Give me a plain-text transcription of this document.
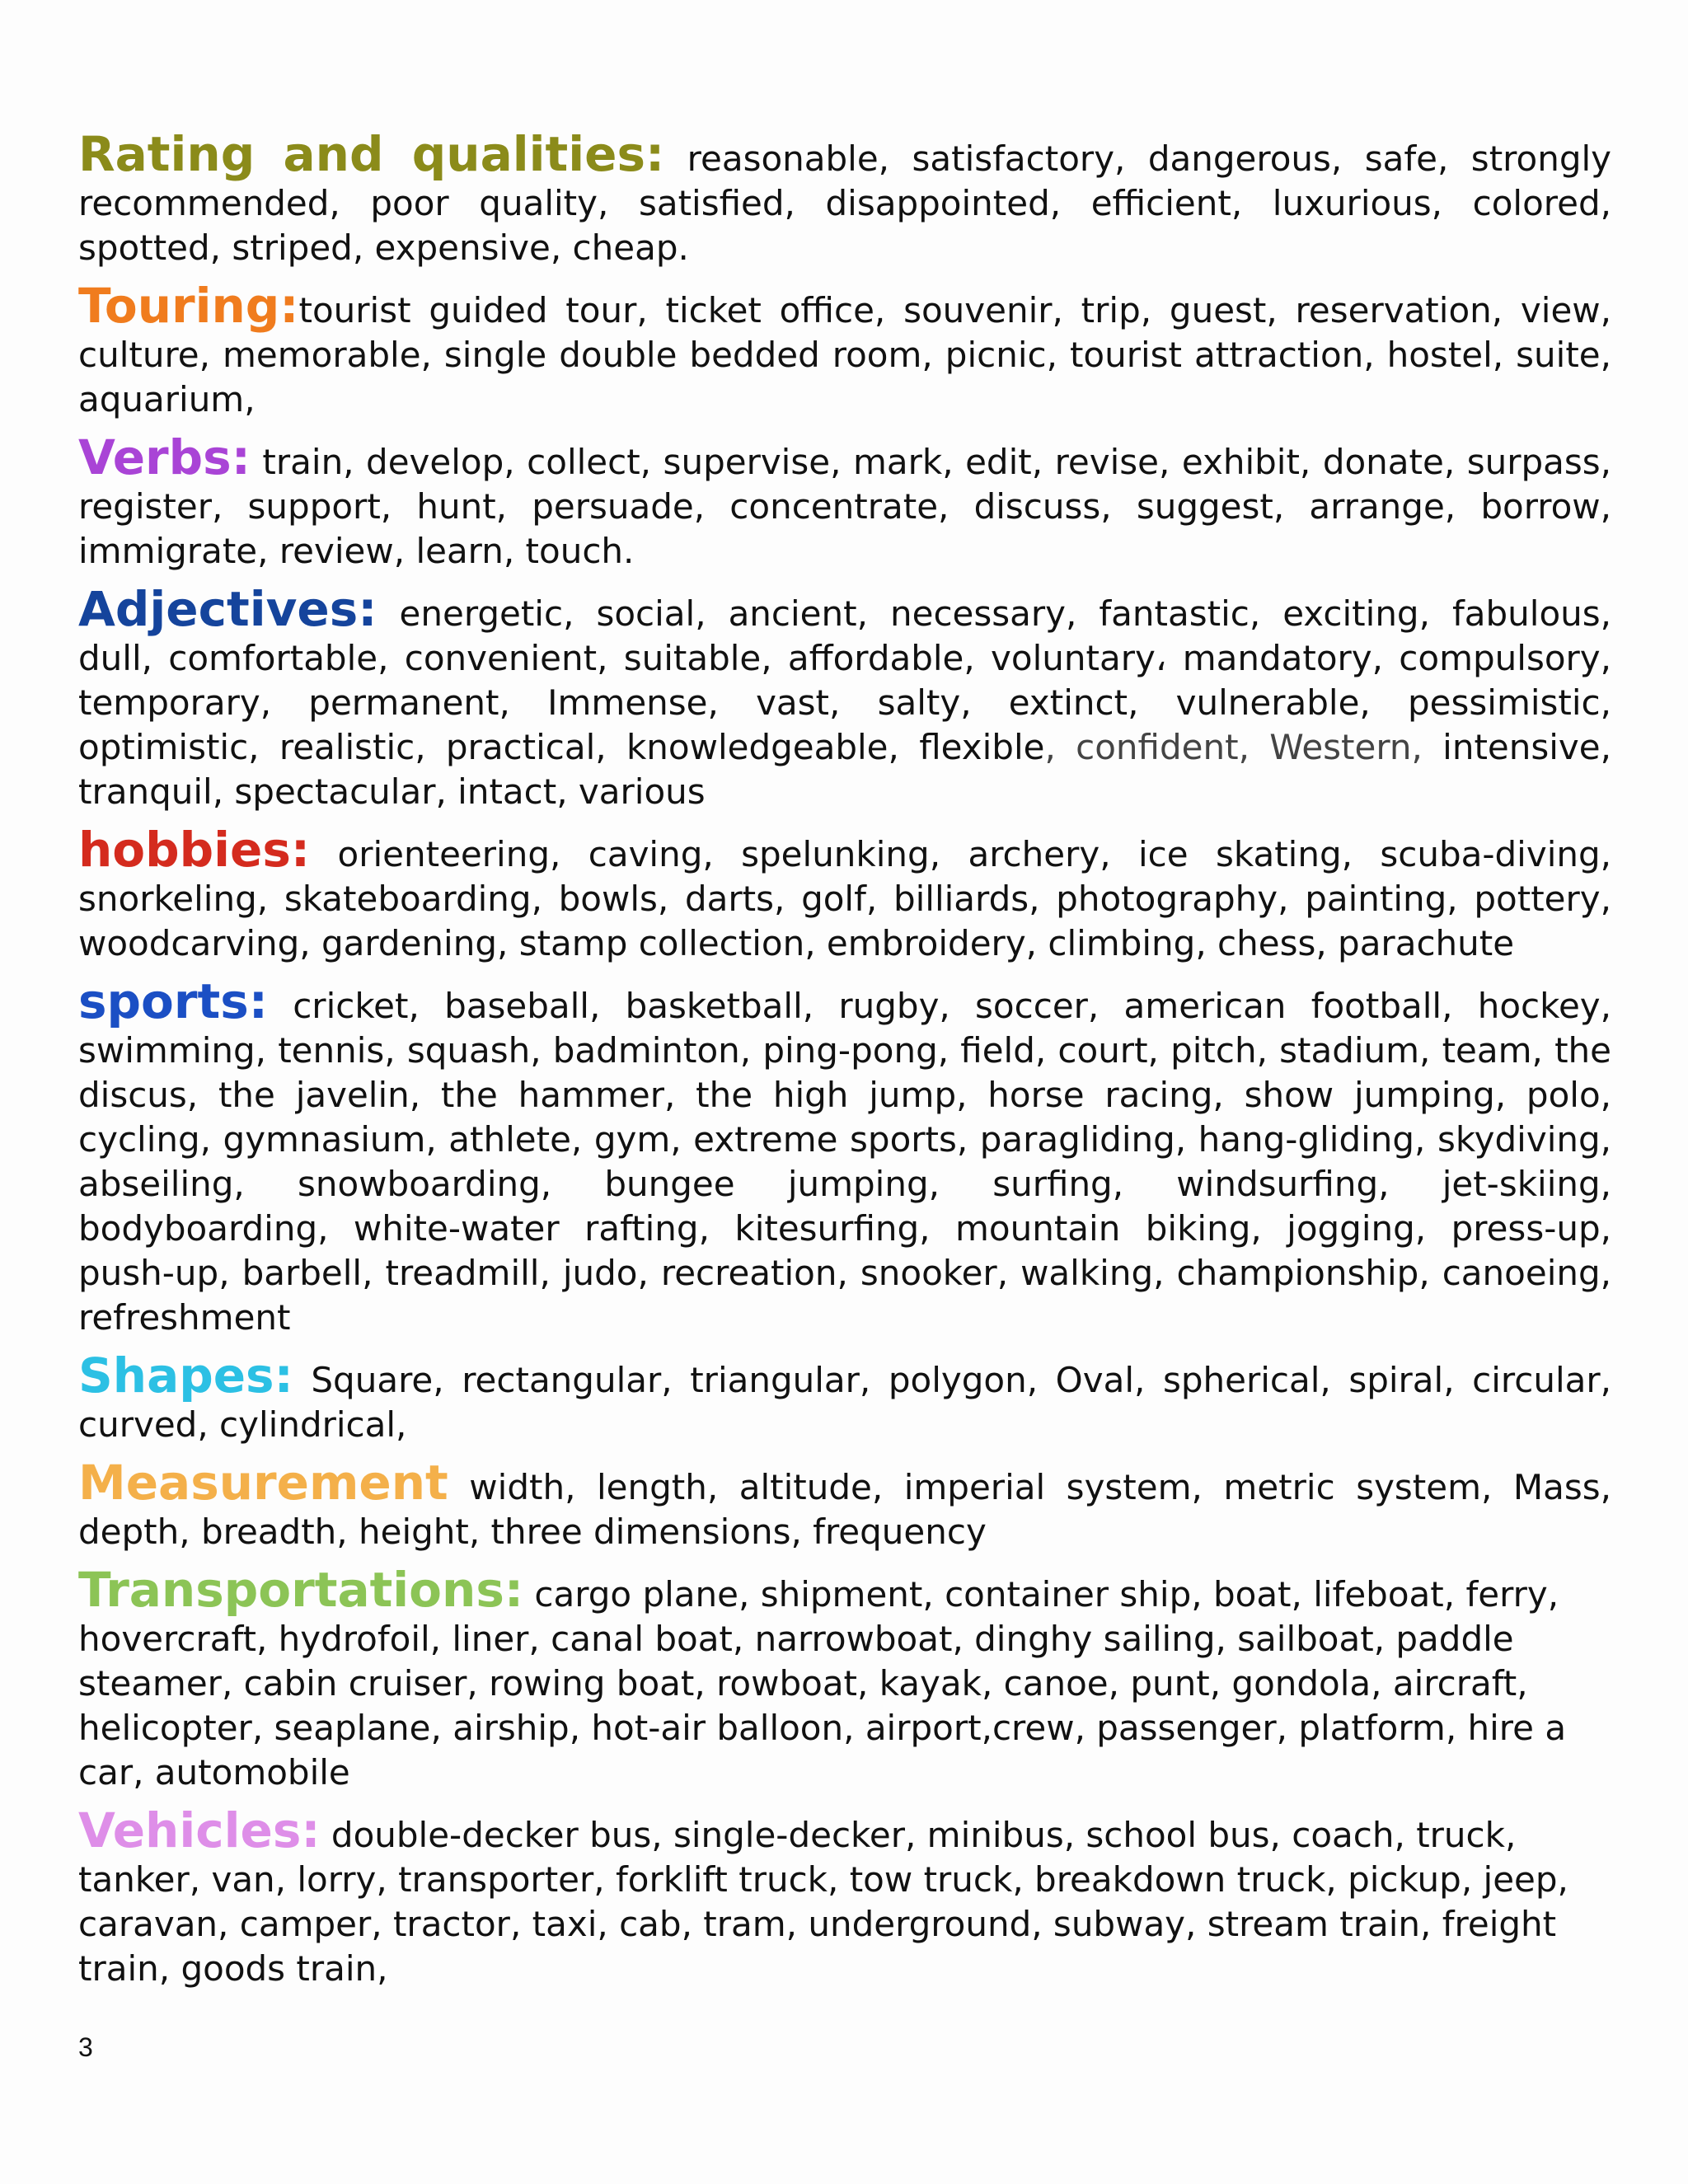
Rating and qualities: reasonable, satisfactory, dangerous, safe, strongly recommended, poor quality, satisfied, disappointed, efficient, luxurious, colored, spotted, striped, expensive, cheap.

Touring:tourist guided tour, ticket office, souvenir, trip, guest, reservation, view, culture, memorable, single double bedded room, picnic, tourist attraction, hostel, suite, aquarium,

Verbs: train, develop, collect, supervise, mark, edit, revise, exhibit, donate, surpass, register, support, hunt, persuade, concentrate, discuss, suggest, arrange, borrow, immigrate, review, learn, touch.

Adjectives: energetic, social, ancient, necessary, fantastic, exciting, fabulous, dull, comfortable, convenient, suitable, affordable, voluntary، mandatory, compulsory, temporary, permanent, Immense, vast, salty, extinct, vulnerable, pessimistic, optimistic, realistic, practical, knowledgeable, flexible, confident, Western, intensive, tranquil, spectacular, intact, various

hobbies: orienteering, caving, spelunking, archery, ice skating, scuba-diving, snorkeling, skateboarding, bowls, darts, golf, billiards, photography, painting, pottery, woodcarving, gardening, stamp collection, embroidery, climbing, chess, parachute

sports: cricket, baseball, basketball, rugby, soccer, american football, hockey, swimming, tennis, squash, badminton, ping-pong, field, court, pitch, stadium, team, the discus, the javelin, the hammer, the high jump, horse racing, show jumping, polo, cycling, gymnasium, athlete, gym, extreme sports, paragliding, hang-gliding, skydiving, abseiling, snowboarding, bungee jumping, surfing, windsurfing, jet-skiing, bodyboarding, white-water rafting, kitesurfing, mountain biking, jogging, press-up, push-up, barbell, treadmill, judo, recreation, snooker, walking, championship, canoeing, refreshment

Shapes: Square, rectangular, triangular, polygon, Oval, spherical, spiral, circular, curved, cylindrical,

Measurement width, length, altitude, imperial system, metric system, Mass, depth, breadth, height, three dimensions, frequency

Transportations: cargo plane, shipment, container ship, boat, lifeboat, ferry, hovercraft, hydrofoil, liner, canal boat, narrowboat, dinghy sailing, sailboat, paddle steamer, cabin cruiser, rowing boat, rowboat, kayak, canoe, punt, gondola, aircraft, helicopter, seaplane, airship, hot-air balloon, airport,crew, passenger, platform, hire a car, automobile

Vehicles: double-decker bus, single-decker, minibus, school bus, coach, truck, tanker, van, lorry, transporter, forklift truck, tow truck, breakdown truck, pickup, jeep, caravan, camper, tractor, taxi, cab, tram, underground, subway, stream train, freight train, goods train,

3
